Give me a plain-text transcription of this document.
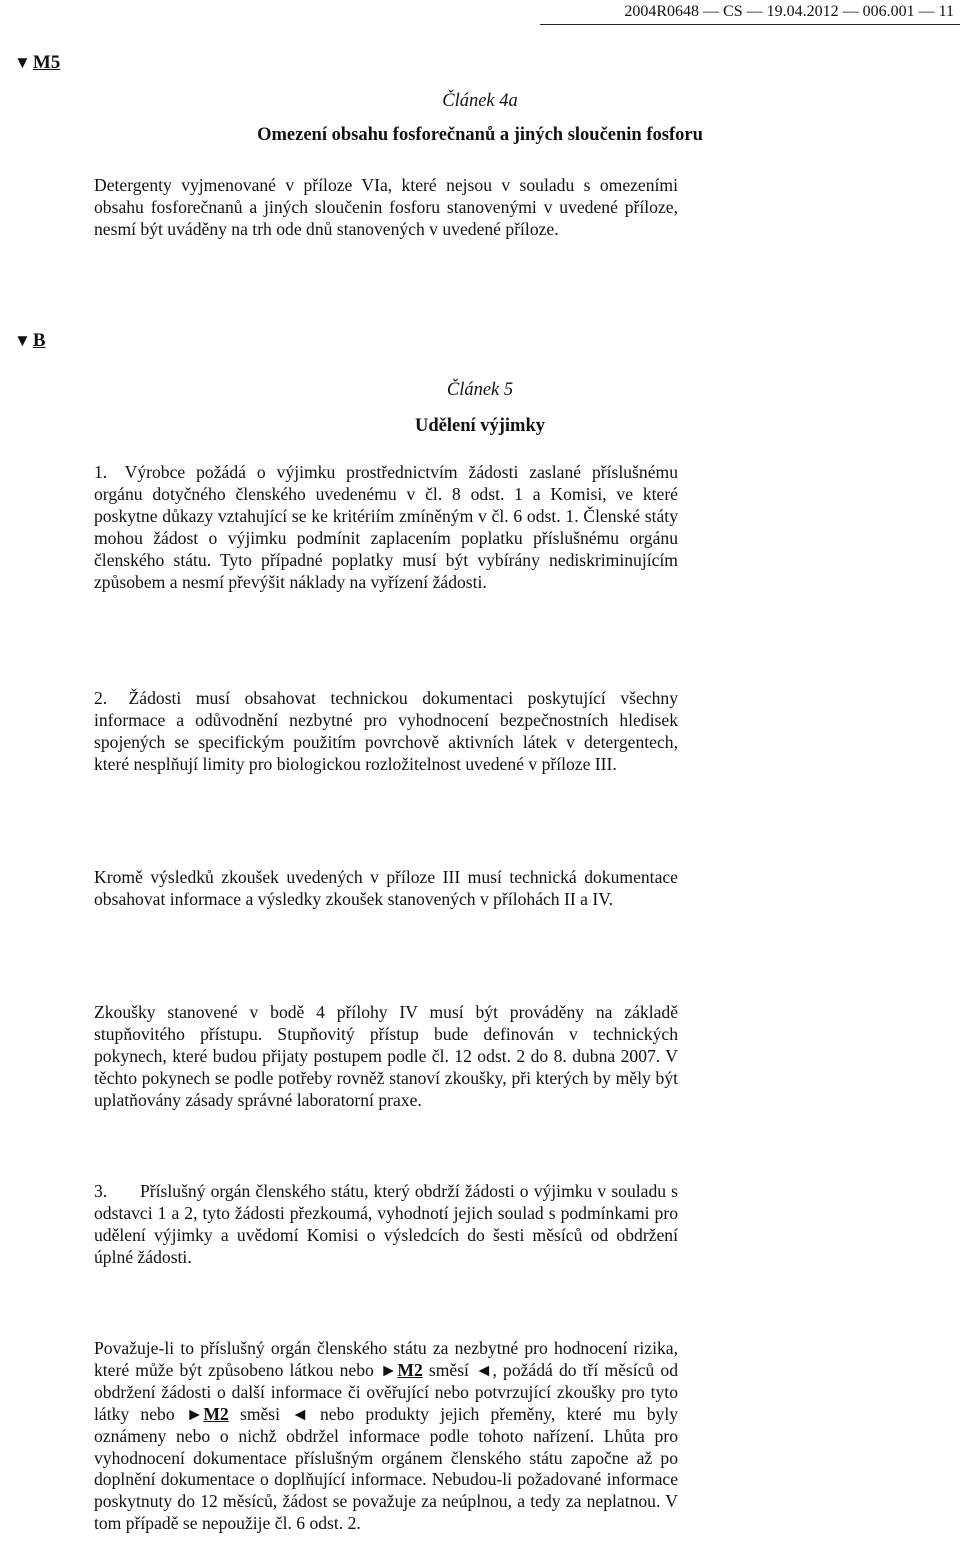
2004R0648 — CS — 19.04.2012 — 006.001 — 11
▼ M5
Článek 4a
Omezení obsahu fosforečnanů a jiných sloučenin fosforu

Detergenty vyjmenované v příloze VIa, které nejsou v souladu s omezeními obsahu fosforečnanů a jiných sloučenin fosforu stanovenými v uvedené příloze, nesmí být uváděny na trh ode dnů stanovených v uvedené příloze.

▼ B
Článek 5
Udělení výjimky

1. Výrobce požádá o výjimku prostřednictvím žádosti zaslané příslušnému orgánu dotyčného členského uvedenému v čl. 8 odst. 1 a Komisi, ve které poskytne důkazy vztahující se ke kritériím zmíněným v čl. 6 odst. 1. Členské státy mohou žádost o výjimku podmínit zaplacením poplatku příslušnému orgánu členského státu. Tyto případné poplatky musí být vybírány nediskriminujícím způsobem a nesmí převýšit náklady na vyřízení žádosti.

2. Žádosti musí obsahovat technickou dokumentaci poskytující všechny informace a odůvodnění nezbytné pro vyhodnocení bezpečnostních hledisek spojených se specifickým použitím povrchově aktivních látek v detergentech, které nesplňují limity pro biologickou rozložitelnost uvedené v příloze III.

Kromě výsledků zkoušek uvedených v příloze III musí technická dokumentace obsahovat informace a výsledky zkoušek stanovených v přílohách II a IV.

Zkoušky stanovené v bodě 4 přílohy IV musí být prováděny na základě stupňovitého přístupu. Stupňovitý přístup bude definován v technických pokynech, které budou přijaty postupem podle čl. 12 odst. 2 do 8. dubna 2007. V těchto pokynech se podle potřeby rovněž stanoví zkoušky, při kterých by měly být uplatňovány zásady správné laboratorní praxe.

3. Příslušný orgán členského státu, který obdrží žádosti o výjimku v souladu s odstavci 1 a 2, tyto žádosti přezkoumá, vyhodnotí jejich soulad s podmínkami pro udělení výjimky a uvědomí Komisi o výsledcích do šesti měsíců od obdržení úplné žádosti.

Považuje-li to příslušný orgán členského státu za nezbytné pro hodnocení rizika, které může být způsobeno látkou nebo ►M2 směsí ◄, požádá do tří měsíců od obdržení žádosti o další informace či ověřující nebo potvrzující zkoušky pro tyto látky nebo ►M2 směsi ◄ nebo produkty jejich přeměny, které mu byly oznámeny nebo o nichž obdržel informace podle tohoto nařízení. Lhůta pro vyhodnocení dokumentace příslušným orgánem členského státu započne až po doplnění dokumentace o doplňující informace. Nebudou-li požadované informace poskytnuty do 12 měsíců, žádost se považuje za neúplnou, a tedy za neplatnou. V tom případě se nepoužije čl. 6 odst. 2.
